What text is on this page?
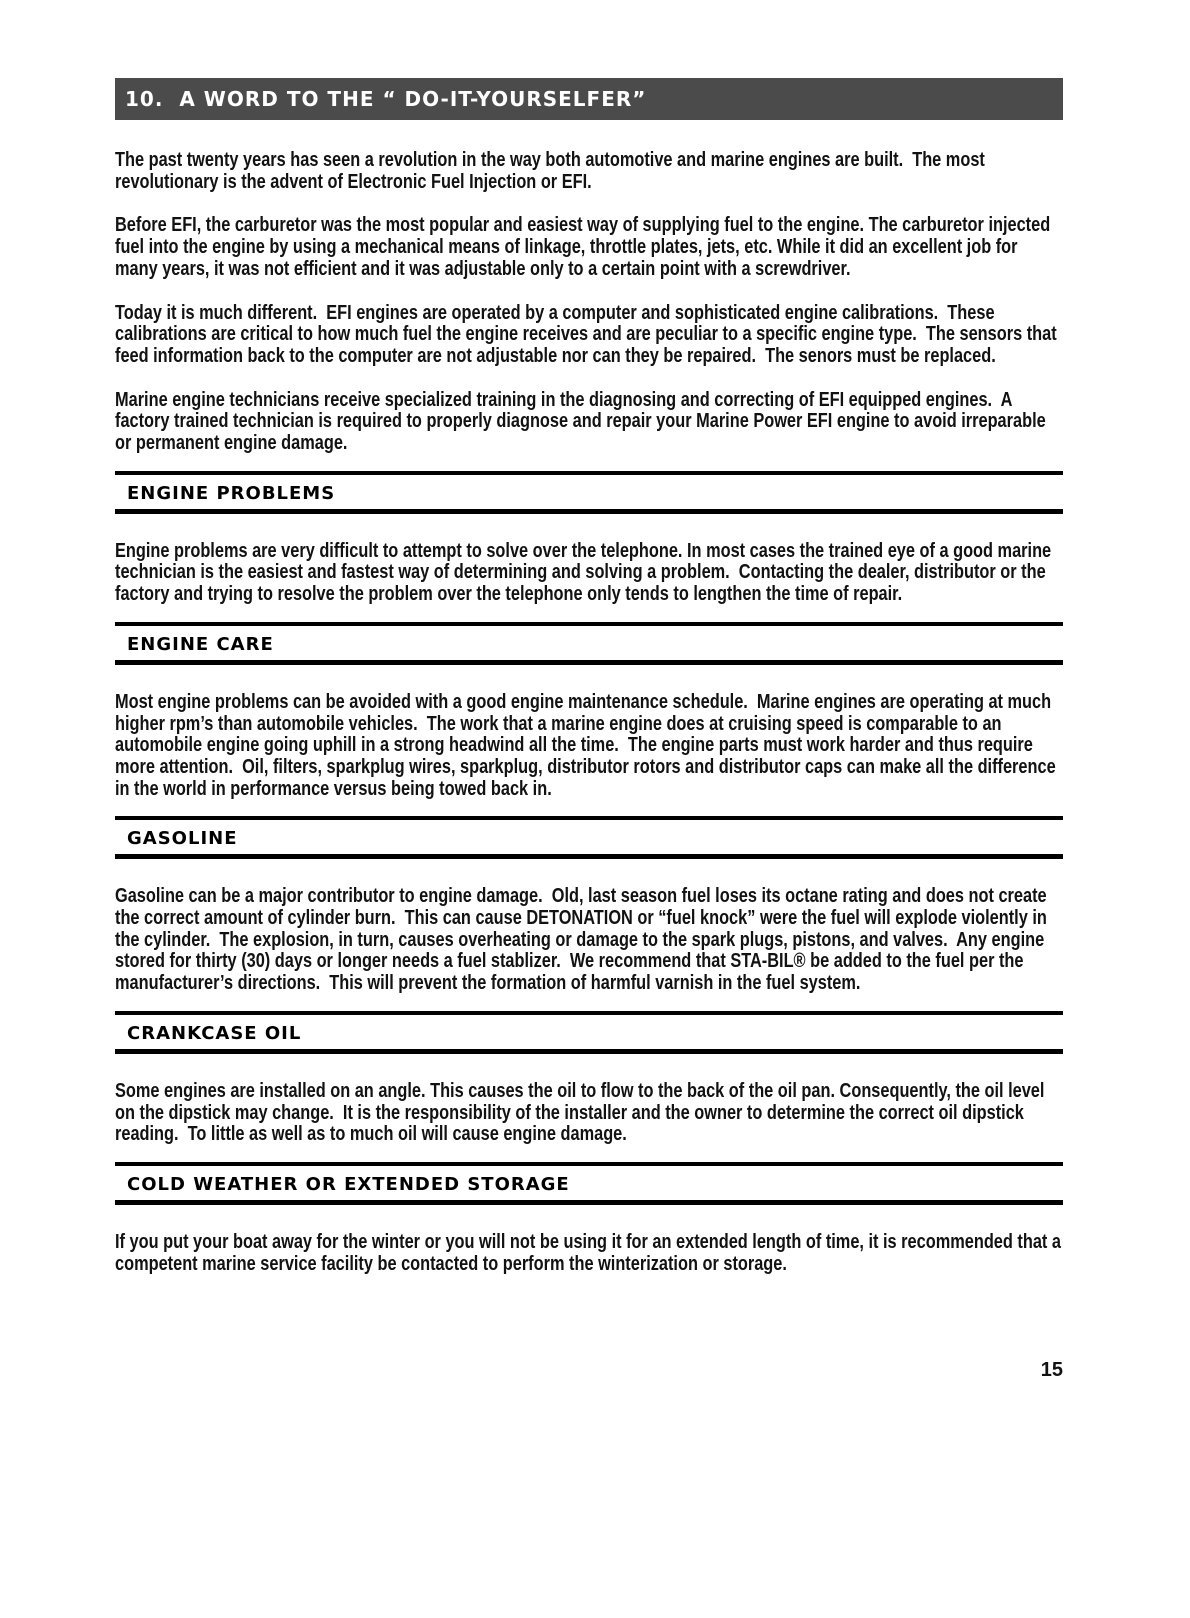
10.  A WORD TO THE “ DO-IT-YOURSELFER”

The past twenty years has seen a revolution in the way both automotive and marine engines are built.  The most revolutionary is the advent of Electronic Fuel Injection or EFI.

Before EFI, the carburetor was the most popular and easiest way of supplying fuel to the engine. The carburetor injected fuel into the engine by using a mechanical means of linkage, throttle plates, jets, etc. While it did an excellent job for many years, it was not efficient and it was adjustable only to a certain point with a screwdriver.

Today it is much different.  EFI engines are operated by a computer and sophisticated engine calibrations.  These calibrations are critical to how much fuel the engine receives and are peculiar to a specific engine type.  The sensors that feed information back to the computer are not adjustable nor can they be repaired.  The senors must be replaced.

Marine engine technicians receive specialized training in the diagnosing and correcting of EFI equipped engines.  A factory trained technician is required to properly diagnose and repair your Marine Power EFI engine to avoid irreparable or permanent engine damage.

ENGINE PROBLEMS

Engine problems are very difficult to attempt to solve over the telephone. In most cases the trained eye of a good marine technician is the easiest and fastest way of determining and solving a problem.  Contacting the dealer, distributor or the factory and trying to resolve the problem over the telephone only tends to lengthen the time of repair.

ENGINE CARE

Most engine problems can be avoided with a good engine maintenance schedule.  Marine engines are operating at much higher rpm’s than automobile vehicles.  The work that a marine engine does at cruising speed is comparable to an automobile engine going uphill in a strong headwind all the time.  The engine parts must work harder and thus require more attention.  Oil, filters, sparkplug wires, sparkplug, distributor rotors and distributor caps can make all the difference in the world in performance versus being towed back in.

GASOLINE

Gasoline can be a major contributor to engine damage.  Old, last season fuel loses its octane rating and does not create the correct amount of cylinder burn.  This can cause DETONATION or “fuel knock” were the fuel will explode violently in the cylinder.  The explosion, in turn, causes overheating or damage to the spark plugs, pistons, and valves.  Any engine stored for thirty (30) days or longer needs a fuel stablizer.  We recommend that STA-BIL® be added to the fuel per the manufacturer’s directions.  This will prevent the formation of harmful varnish in the fuel system.

CRANKCASE OIL

Some engines are installed on an angle. This causes the oil to flow to the back of the oil pan. Consequently, the oil level on the dipstick may change.  It is the responsibility of the installer and the owner to determine the correct oil dipstick reading.  To little as well as to much oil will cause engine damage.

COLD WEATHER OR EXTENDED STORAGE

If you put your boat away for the winter or you will not be using it for an extended length of time, it is recommended that a competent marine service facility be contacted to perform the winterization or storage.

15
